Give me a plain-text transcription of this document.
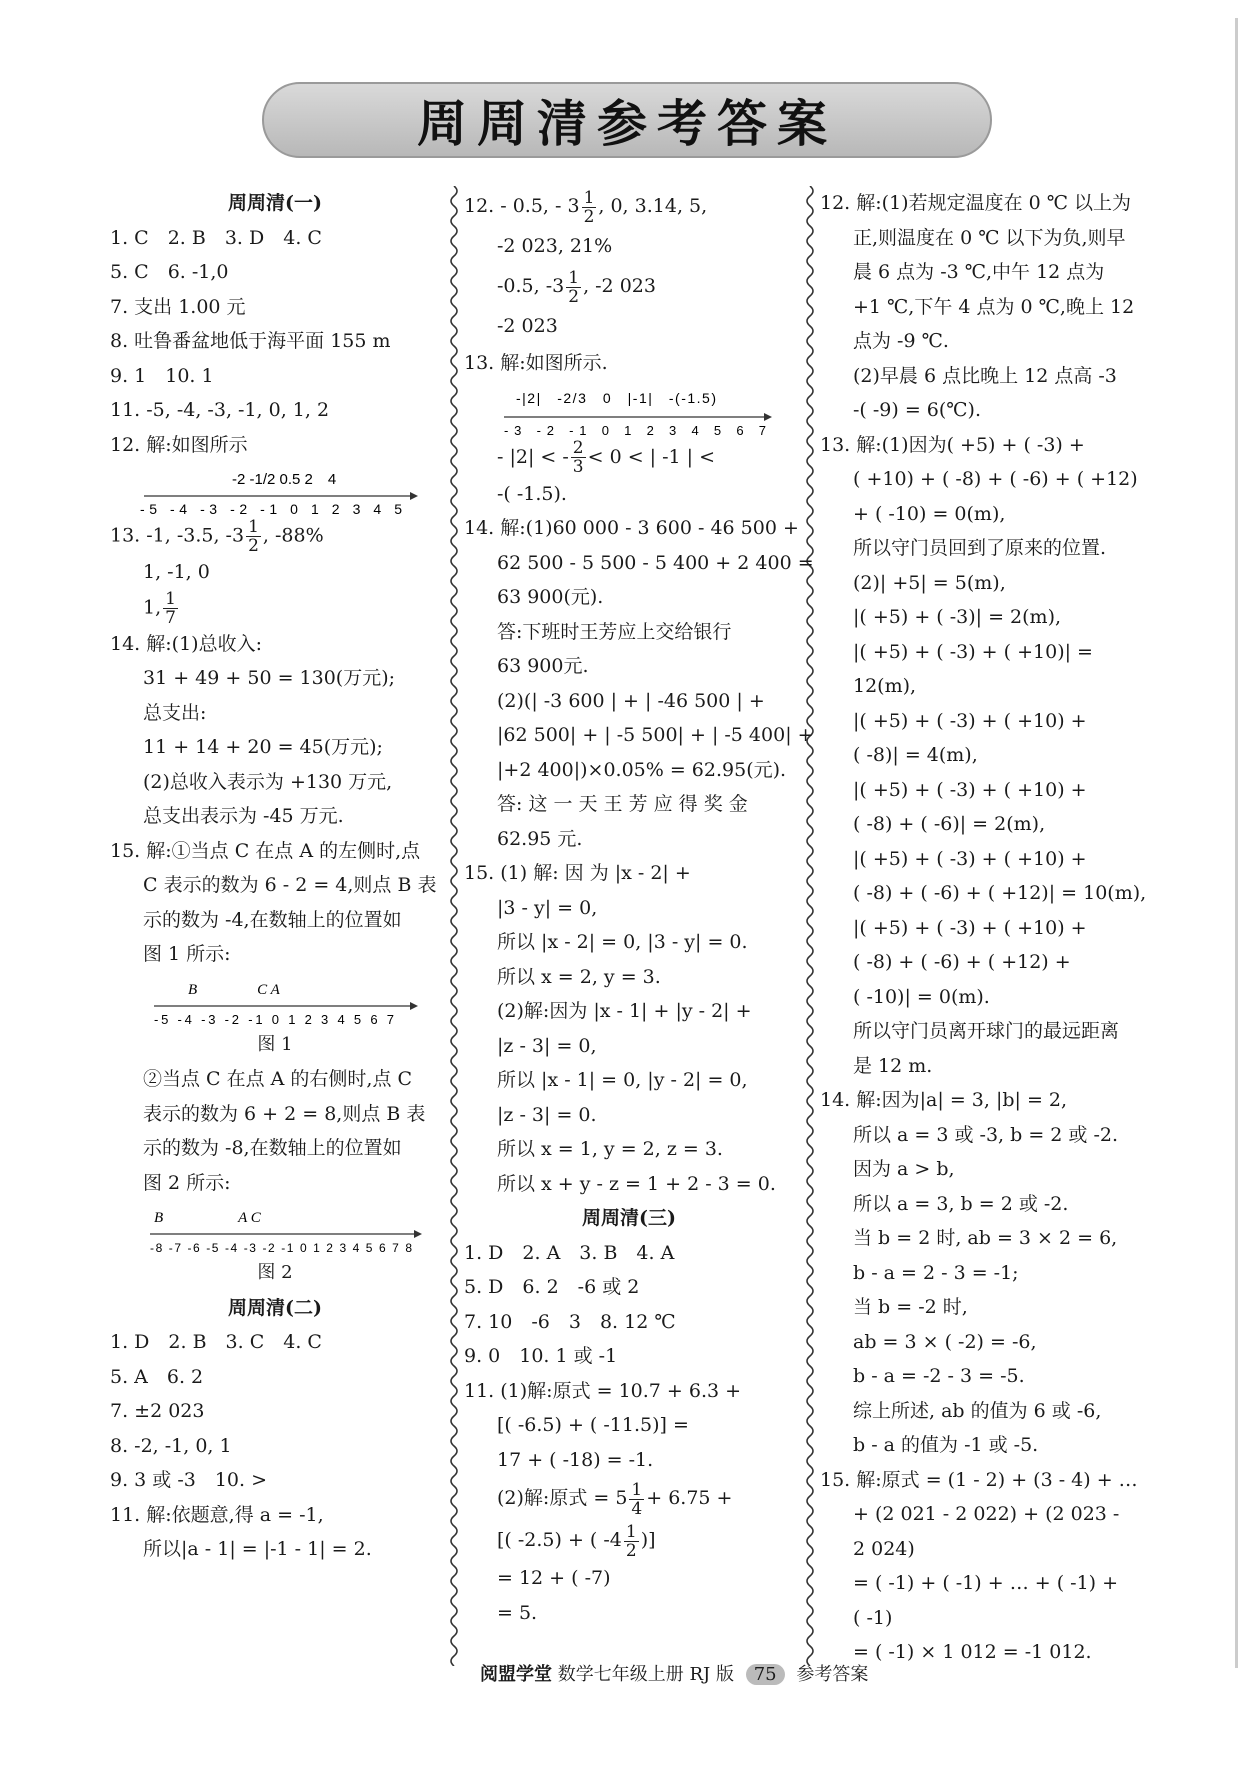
周周清参考答案
周周清(一)
1. C　2. B　3. D　4. C
5. C　6. -1,0
7. 支出 1.00 元
8. 吐鲁番盆地低于海平面 155 m
9. 1　10. 1
11. -5, -4, -3, -1, 0, 1, 2
12. 解:如图所示
-2 -1/2 0.5 2　4
-5 -4 -3 -2 -1 0 1 2 3 4 5
13. -1, -3.5, $-3 \frac{1}{2}$ , -88%
1, -1, 0
1, $\frac{1}{7}$
14. 解:(1)总收入:
31 + 49 + 50 = 130(万元);
总支出:
11 + 14 + 20 = 45(万元);
(2)总收入表示为 +130 万元,
总支出表示为 -45 万元.
15. 解:①当点 C 在点 A 的左侧时,点
C 表示的数为 6 - 2 = 4,则点 B 表
示的数为 -4,在数轴上的位置如
图 1 所示:
B　　　　C A
-5 -4 -3 -2 -1 0 1 2 3 4 5 6 7
图 1
②当点 C 在点 A 的右侧时,点 C
表示的数为 6 + 2 = 8,则点 B 表
示的数为 -8,在数轴上的位置如
图 2 所示:
B　　　　　A C
-8 -7 -6 -5 -4 -3 -2 -1 0 1 2 3 4 5 6 7 8
图 2
周周清(二)
1. D　2. B　3. C　4. C
5. A　6. 2
7. ±2 023
8. -2, -1, 0, 1
9. 3 或 -3　10. >
11. 解:依题意,得 a = -1,
所以|a - 1| = |-1 - 1| = 2.
12. - 0.5, - $3 \frac{1}{2}$ , 0, 3.14, 5,
-2 023, 21%
-0.5, $-3 \frac{1}{2}$ , -2 023
-2 023
13. 解:如图所示.
-|2|　-2/3　0　|-1|　-(-1.5)
-3 -2 -1 0 1 2 3 4 5 6 7
- |2| < - $\frac{2}{3} < 0$ < | -1 | <
-( -1.5).
14. 解:(1)60 000 - 3 600 - 46 500 +
62 500 - 5 500 - 5 400 + 2 400 =
63 900(元).
答:下班时王芳应上交给银行
63 900元.
(2)(| -3 600 | + | -46 500 | +
|62 500| + | -5 500| + | -5 400| +
|+2 400|)×0.05% = 62.95(元).
答: 这 一 天 王 芳 应 得 奖 金
62.95 元.
15. (1) 解: 因 为 |x - 2| +
|3 - y| = 0,
所以 |x - 2| = 0, |3 - y| = 0.
所以 x = 2, y = 3.
(2)解:因为 |x - 1| + |y - 2| +
|z - 3| = 0,
所以 |x - 1| = 0, |y - 2| = 0,
|z - 3| = 0.
所以 x = 1, y = 2, z = 3.
所以 x + y - z = 1 + 2 - 3 = 0.
周周清(三)
1. D　2. A　3. B　4. A
5. D　6. 2　-6 或 2
7. 10　-6　3　8. 12 ℃
9. 0　10. 1 或 -1
11. (1)解:原式 = 10.7 + 6.3 +
[( -6.5) + ( -11.5)] =
17 + ( -18) = -1.
(2)解:原式 = $5 \frac{1}{4} + 6.75$ +
[( -2.5) + ( $-4 \frac{1}{2}$ )]
= 12 + ( -7)
= 5.
12. 解:(1)若规定温度在 0 ℃ 以上为
正,则温度在 0 ℃ 以下为负,则早
晨 6 点为 -3 ℃,中午 12 点为
+1 ℃,下午 4 点为 0 ℃,晚上 12
点为 -9 ℃.
(2)早晨 6 点比晚上 12 点高 -3
-( -9) = 6(℃).
13. 解:(1)因为( +5) + ( -3) +
( +10) + ( -8) + ( -6) + ( +12)
+ ( -10) = 0(m),
所以守门员回到了原来的位置.
(2)| +5| = 5(m),
|( +5) + ( -3)| = 2(m),
|( +5) + ( -3) + ( +10)| =
12(m),
|( +5) + ( -3) + ( +10) +
( -8)| = 4(m),
|( +5) + ( -3) + ( +10) +
( -8) + ( -6)| = 2(m),
|( +5) + ( -3) + ( +10) +
( -8) + ( -6) + ( +12)| = 10(m),
|( +5) + ( -3) + ( +10) +
( -8) + ( -6) + ( +12) +
( -10)| = 0(m).
所以守门员离开球门的最远距离
是 12 m.
14. 解:因为|a| = 3, |b| = 2,
所以 a = 3 或 -3, b = 2 或 -2.
因为 a > b,
所以 a = 3, b = 2 或 -2.
当 b = 2 时, ab = 3 × 2 = 6,
b - a = 2 - 3 = -1;
当 b = -2 时,
ab = 3 × ( -2) = -6,
b - a = -2 - 3 = -5.
综上所述, ab 的值为 6 或 -6,
b - a 的值为 -1 或 -5.
15. 解:原式 = (1 - 2) + (3 - 4) + …
+ (2 021 - 2 022) + (2 023 -
2 024)
= ( -1) + ( -1) + … + ( -1) +
( -1)
= ( -1) × 1 012 = -1 012.
阅盟学堂 数学七年级上册 RJ 版 75 参考答案
